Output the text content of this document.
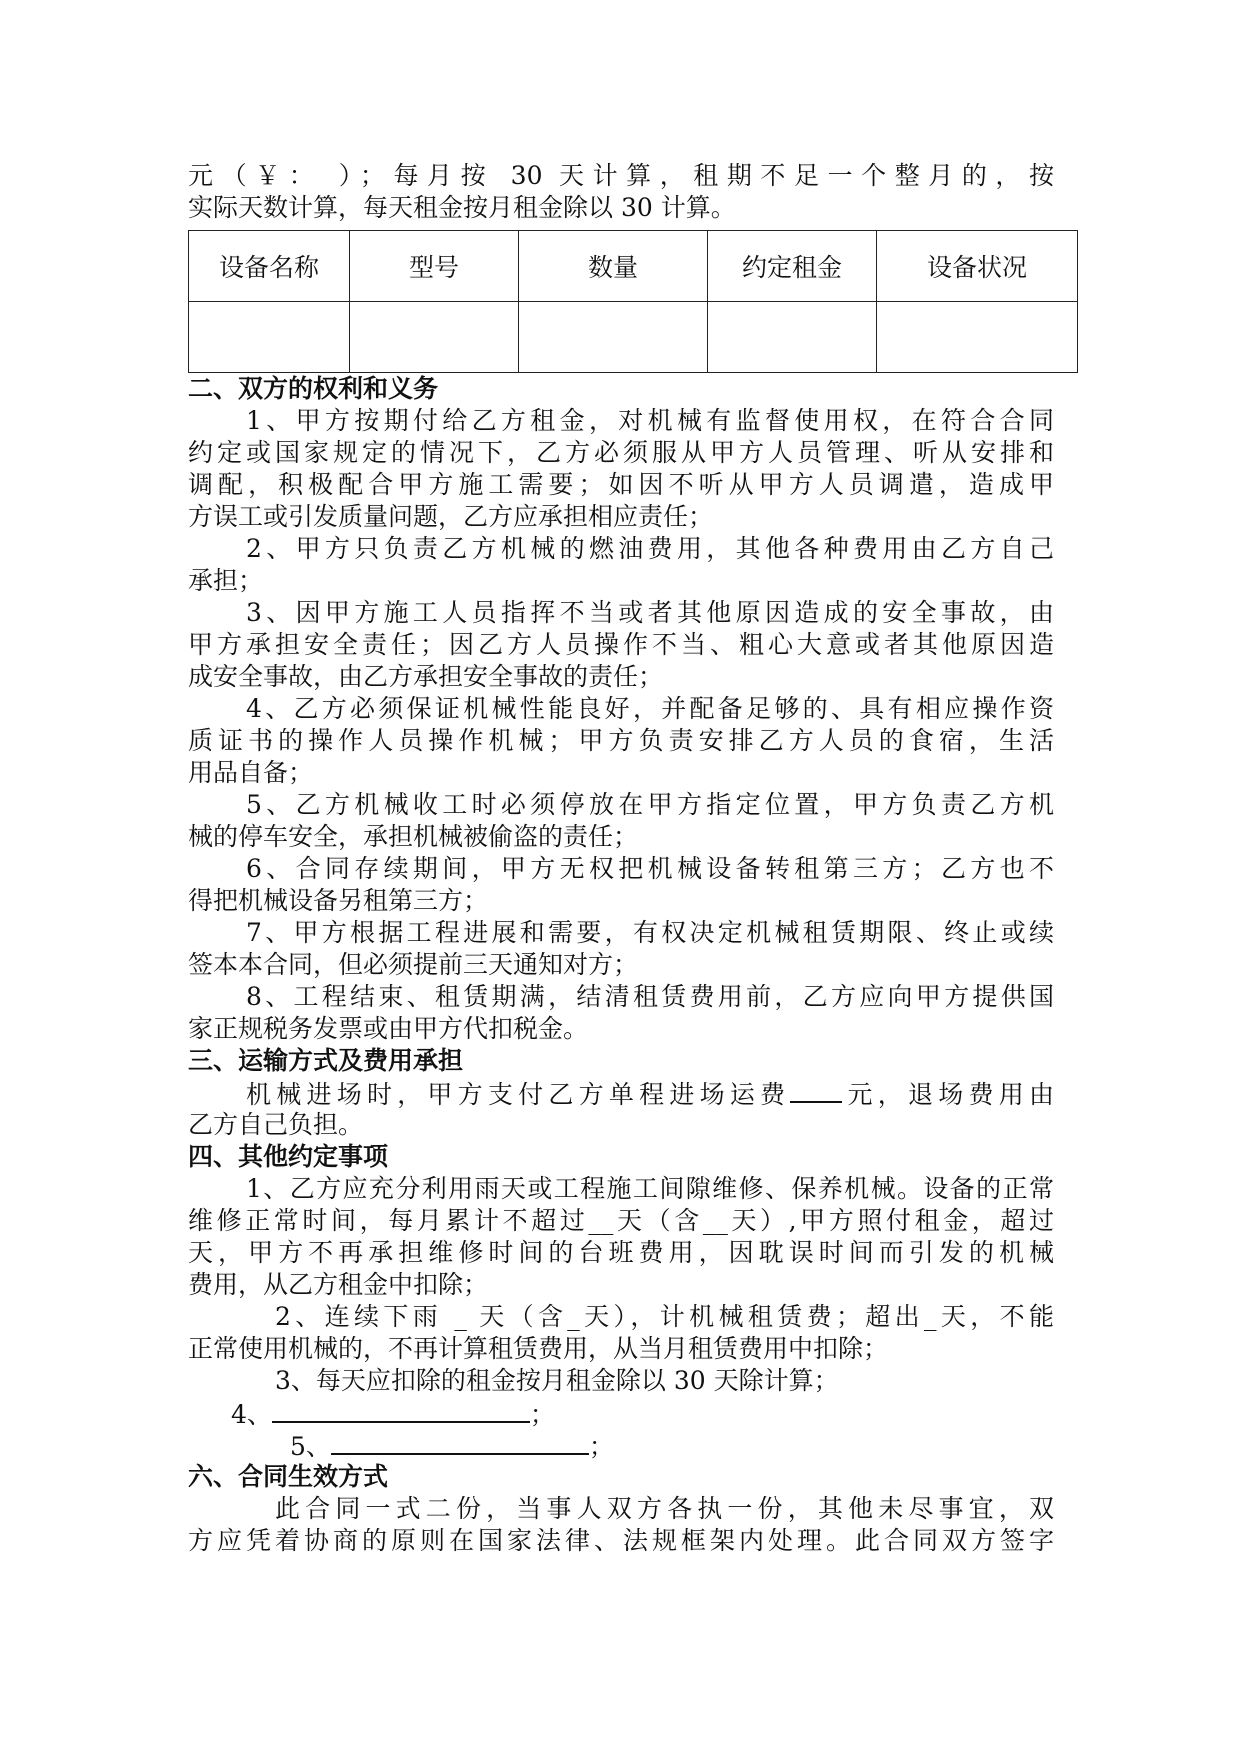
元（￥： ）；每月按 30 天计算，租期不足一个整月的，按

实际天数计算，每天租金按月租金除以 30 计算。

设备名称	型号	数量	约定租金	设备状况

二、双方的权利和义务

1、甲方按期付给乙方租金，对机械有监督使用权，在符合合同

约定或国家规定的情况下，乙方必须服从甲方人员管理、听从安排和

调配，积极配合甲方施工需要；如因不听从甲方人员调遣，造成甲

方误工或引发质量问题，乙方应承担相应责任；

2、甲方只负责乙方机械的燃油费用，其他各种费用由乙方自己

承担；

3、因甲方施工人员指挥不当或者其他原因造成的安全事故，由

甲方承担安全责任；因乙方人员操作不当、粗心大意或者其他原因造

成安全事故，由乙方承担安全事故的责任；

4、乙方必须保证机械性能良好，并配备足够的、具有相应操作资

质证书的操作人员操作机械；甲方负责安排乙方人员的食宿，生活

用品自备；

5、乙方机械收工时必须停放在甲方指定位置，甲方负责乙方机

械的停车安全，承担机械被偷盗的责任；

6、合同存续期间，甲方无权把机械设备转租第三方；乙方也不

得把机械设备另租第三方；

7、甲方根据工程进展和需要，有权决定机械租赁期限、终止或续

签本本合同，但必须提前三天通知对方；

8、工程结束、租赁期满，结清租赁费用前，乙方应向甲方提供国

家正规税务发票或由甲方代扣税金。

三、运输方式及费用承担

机械进场时，甲方支付乙方单程进场运费 元，退场费用由

乙方自己负担。

四、其他约定事项

1、乙方应充分利用雨天或工程施工间隙维修、保养机械。设备的正常

维修正常时间，每月累计不超过__天（含__天）,甲方照付租金，超过

天，甲方不再承担维修时间的台班费用，因耽误时间而引发的机械

费用，从乙方租金中扣除；

2、连续下雨 _ 天（含_天），计机械租赁费；超出_天，不能

正常使用机械的，不再计算租赁费用，从当月租赁费用中扣除；

3、每天应扣除的租金按月租金除以 30 天除计算；

4、	；

5、	；

六、合同生效方式

此合同一式二份，当事人双方各执一份，其他未尽事宜，双

方应凭着协商的原则在国家法律、法规框架内处理。此合同双方签字
